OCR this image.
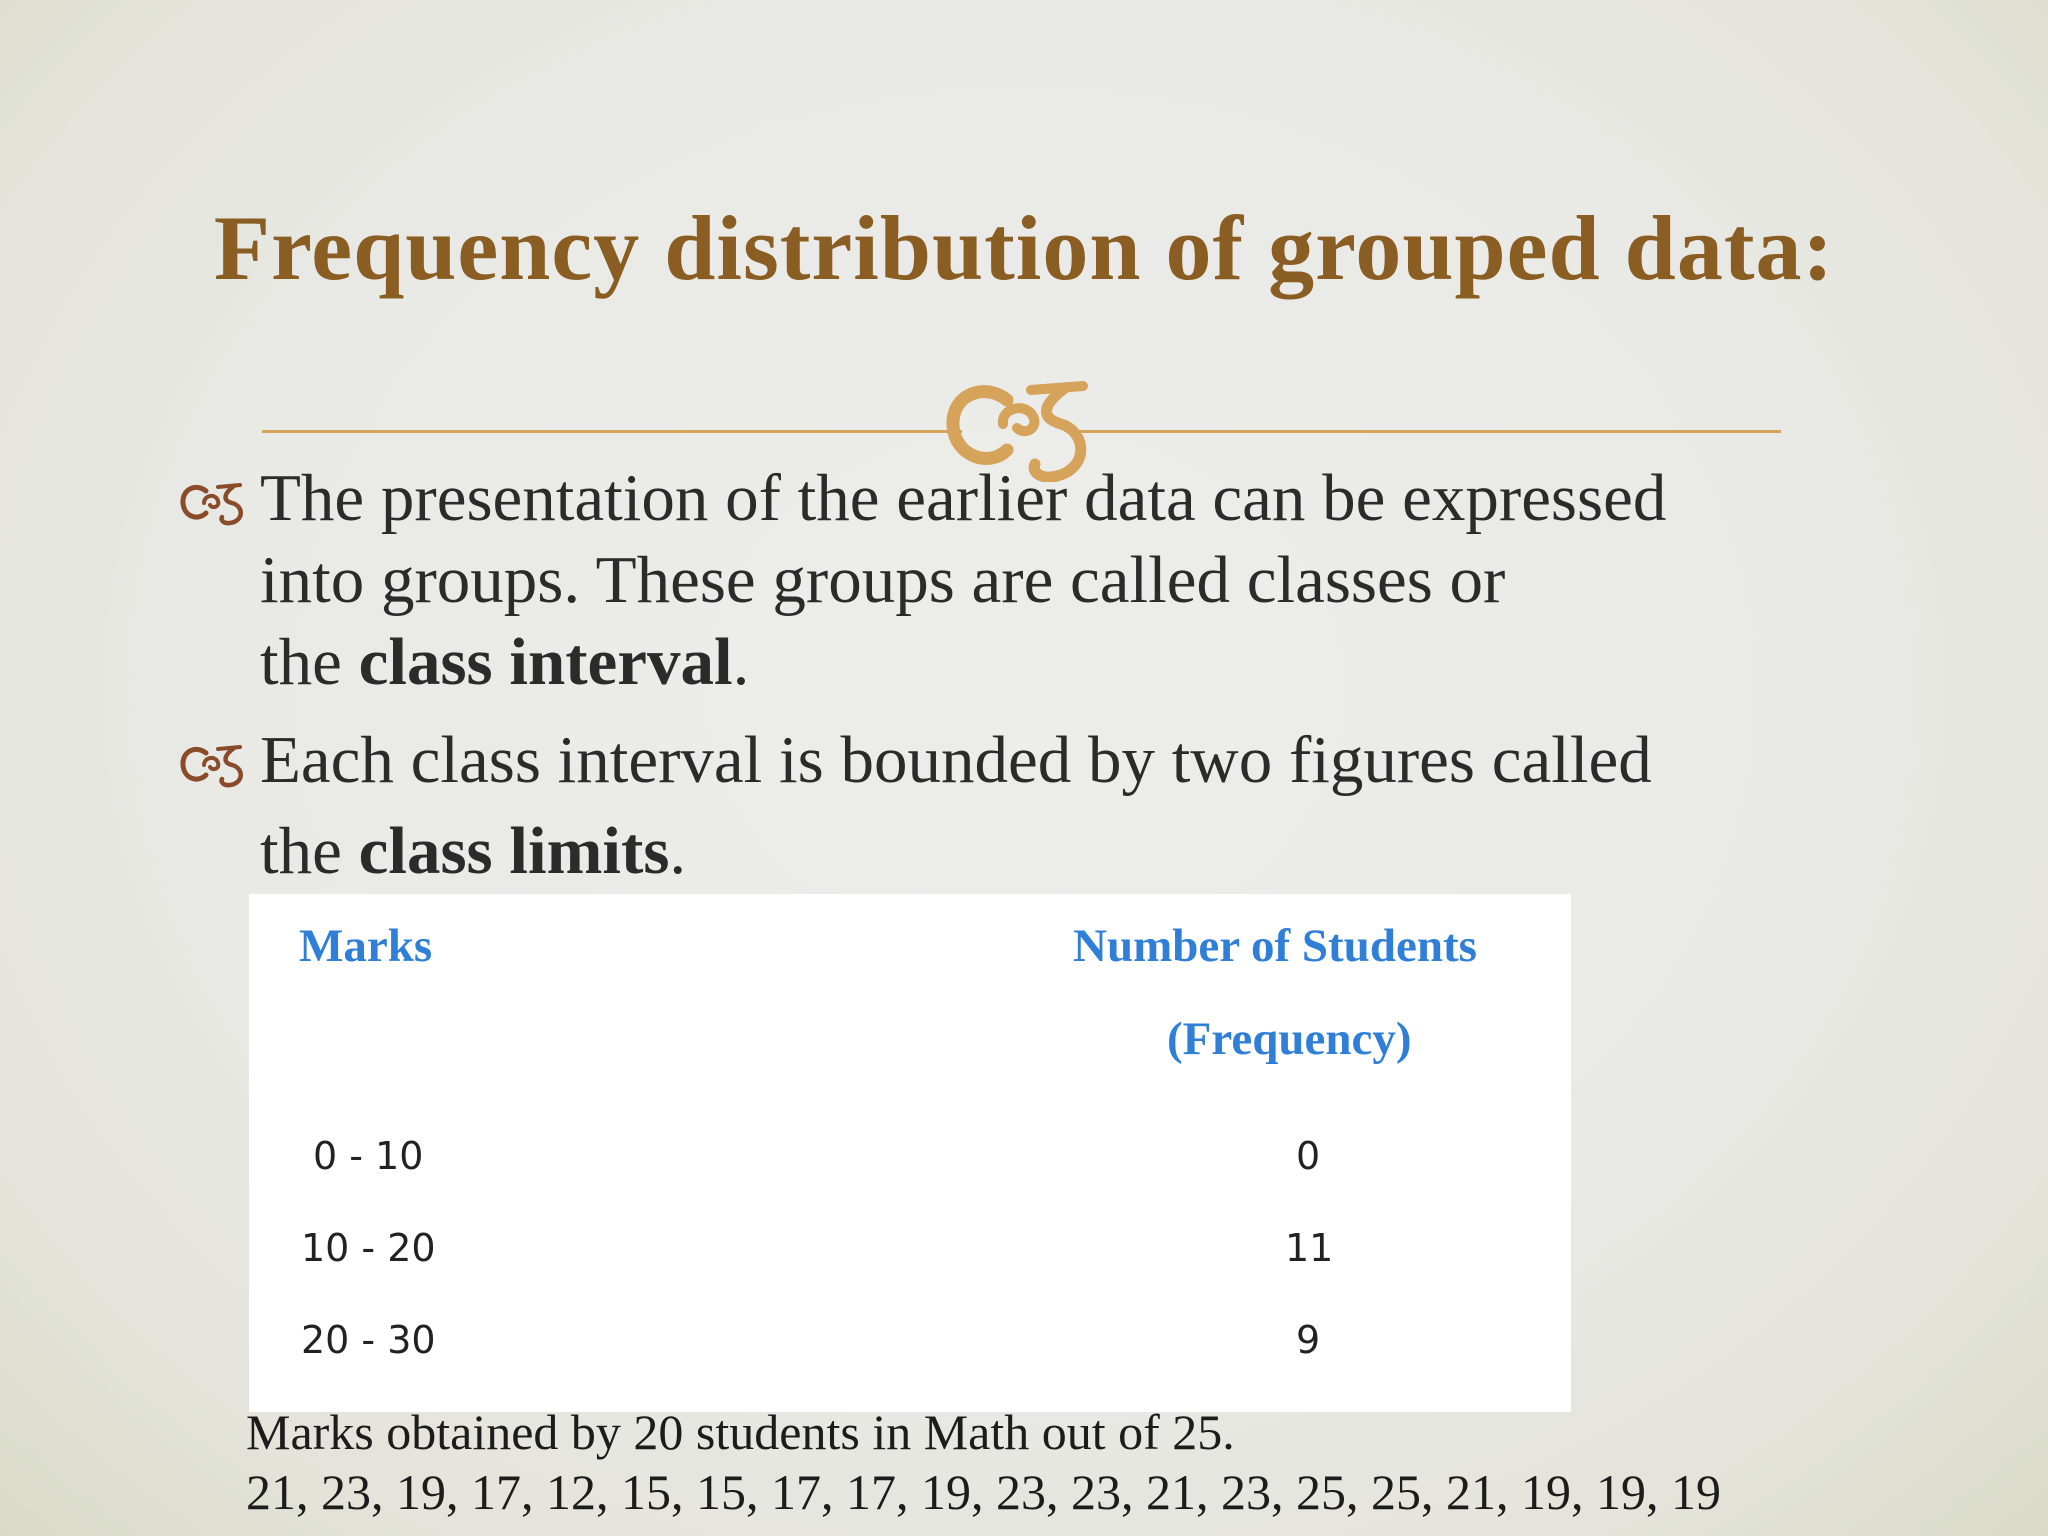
Frequency distribution of grouped data:
The presentation of the earlier data can be expressed
into groups. These groups are called classes or
the class interval.
Each class interval is bounded by two figures called
the class limits.
Marks	Number of Students
(Frequency)
0 - 10	0
10 - 20	11
20 - 30	9
Marks obtained by 20 students in Math out of 25.
21, 23, 19, 17, 12, 15, 15, 17, 17, 19, 23, 23, 21, 23, 25, 25, 21, 19, 19, 19
